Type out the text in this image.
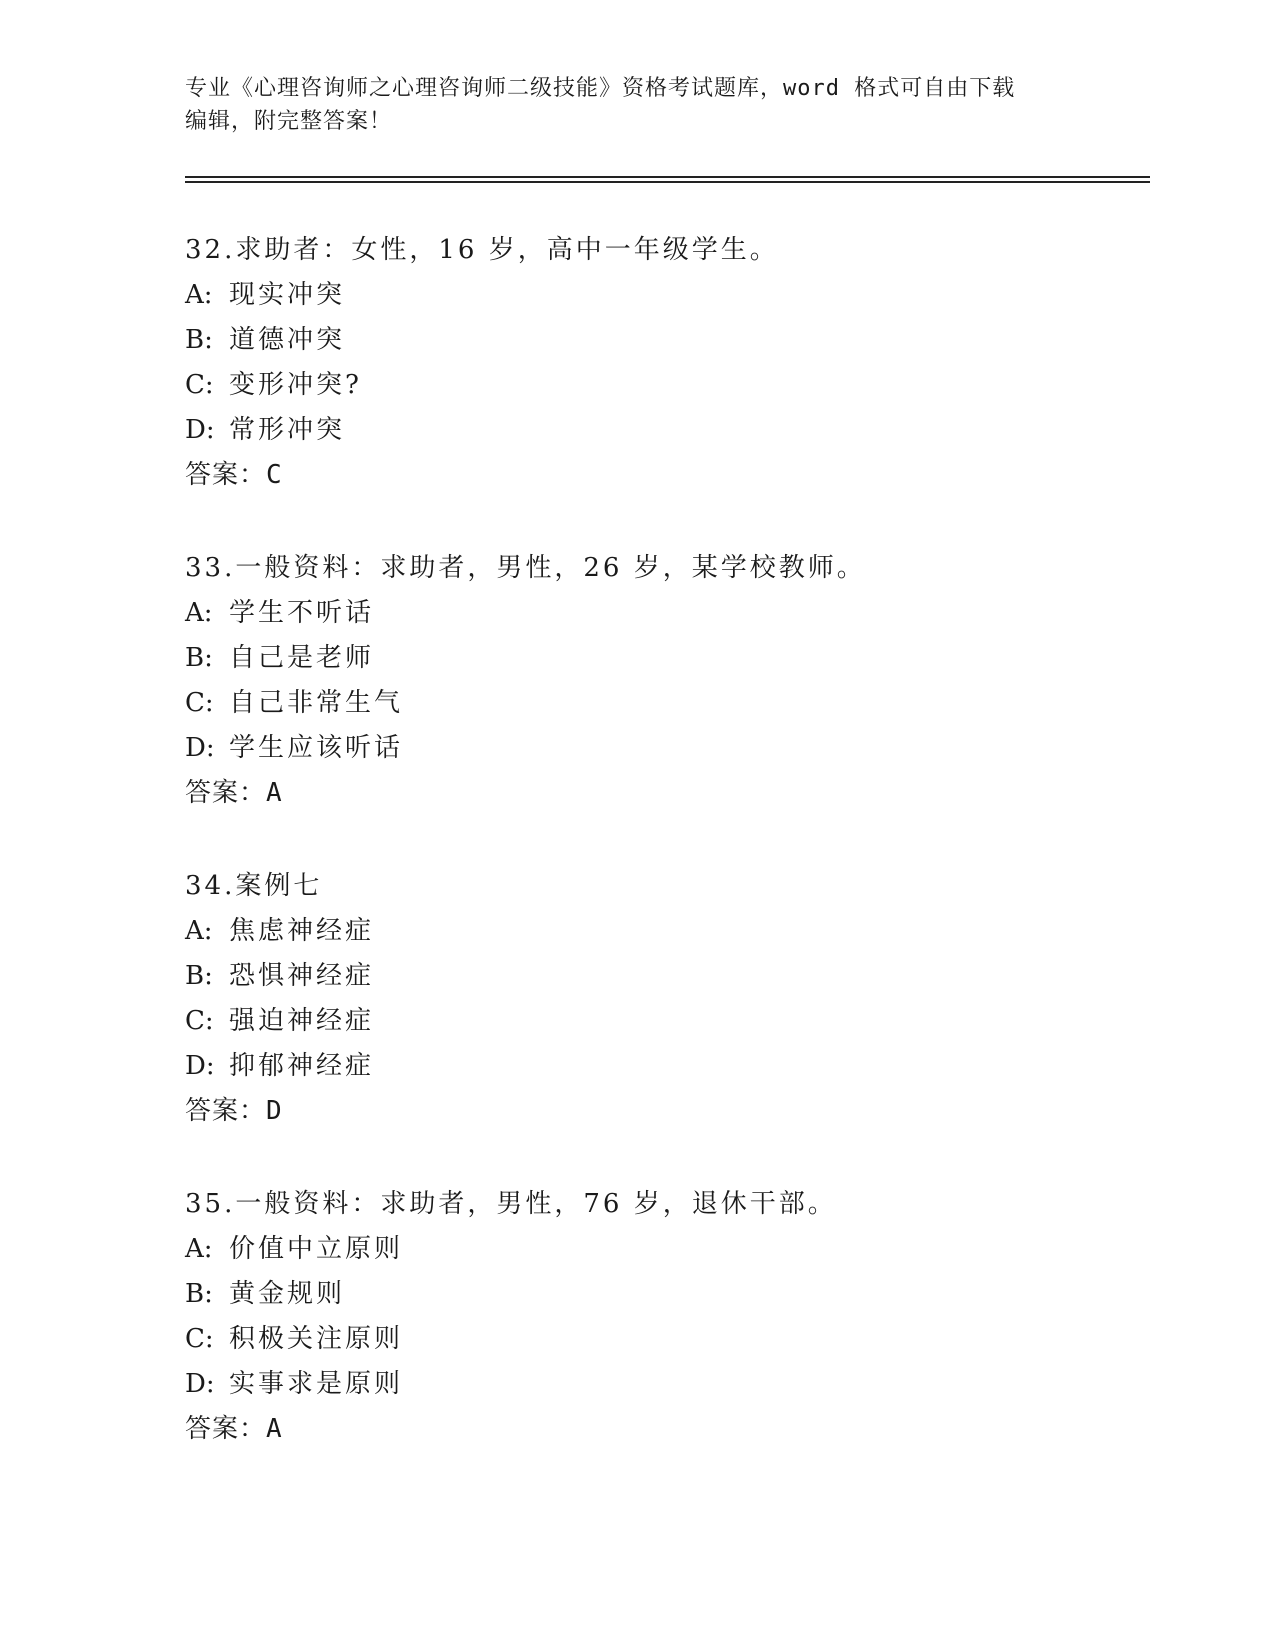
专业《心理咨询师之心理咨询师二级技能》资格考试题库，word 格式可自由下载
编辑，附完整答案！
32.求助者：女性，16 岁，高中一年级学生。
A: 现实冲突
B: 道德冲突
C: 变形冲突?
D: 常形冲突
答案：C
33.一般资料：求助者，男性，26 岁，某学校教师。
A: 学生不听话
B: 自己是老师
C: 自己非常生气
D: 学生应该听话
答案：A
34.案例七
A: 焦虑神经症
B: 恐惧神经症
C: 强迫神经症
D: 抑郁神经症
答案：D
35.一般资料：求助者，男性，76 岁，退休干部。
A: 价值中立原则
B: 黄金规则
C: 积极关注原则
D: 实事求是原则
答案：A
